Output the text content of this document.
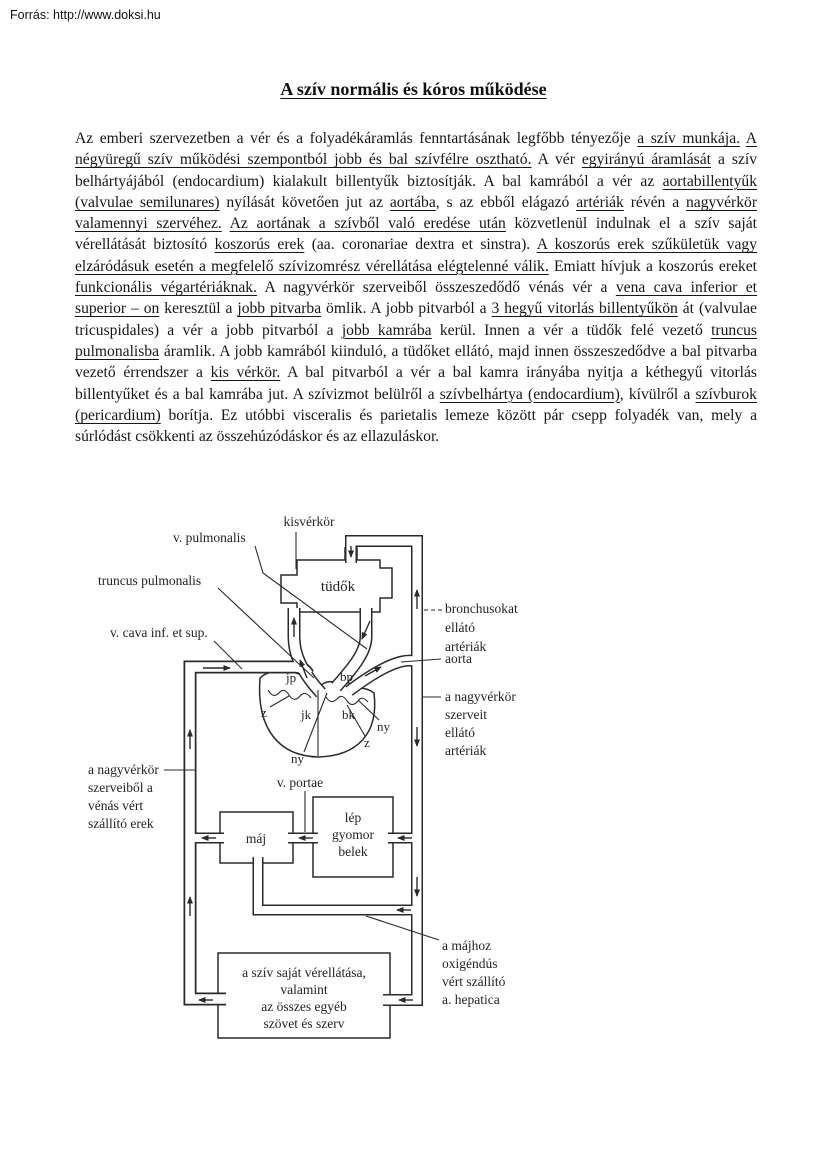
Forrás: http://www.doksi.hu
A szív normális és kóros működése
Az emberi szervezetben a vér és a folyadékáramlás fenntartásának legfőbb tényezője a szív munkája. A négyüregű szív működési szempontból jobb és bal szívfélre osztható. A vér egyirányú áramlását a szív belhártyájából (endocardium) kialakult billentyűk biztosítják. A bal kamrából a vér az aortabillentyűk (valvulae semilunares) nyílását követően jut az aortába, s az ebből elágazó artériák révén a nagyvérkör valamennyi szervéhez. Az aortának a szívből való eredése után közvetlenül indulnak el a szív saját vérellátását biztosító koszorús erek (aa. coronariae dextra et sinstra). A koszorús erek szűkületük vagy elzáródásuk esetén a megfelelő szívizomrész vérellátása elégtelenné válik. Emiatt hívjuk a koszorús ereket funkcionális végartériáknak. A nagyvérkör szerveiből összeszedődő vénás vér a vena cava inferior et superior – on keresztül a jobb pitvarba ömlik. A jobb pitvarból a 3 hegyű vitorlás billentyűkön át (valvulae tricuspidales) a vér a jobb pitvarból a jobb kamrába kerül. Innen a vér a tüdők felé vezető truncus pulmonalisba áramlik. A jobb kamrából kiinduló, a tüdőket ellátó, majd innen összeszedődve a bal pitvarba vezető érrendszer a kis vérkör. A bal pitvarból a vér a bal kamra irányába nyitja a kéthegyű vitorlás billentyűket és a bal kamrába jut. A szívizmot belülről a szívbelhártya (endocardium), kívülről a szívburok (pericardium) borítja. Ez utóbbi visceralis és parietalis lemeze között pár csepp folyadék van, mely a súrlódást csökkenti az összehúzódáskor és az ellazuláskor.
kisvérkör
v. pulmonalis
truncus pulmonalis
v. cava inf. et sup.
bronchusokat
ellátó
artériák
aorta
a nagyvérkör
szerveit
ellátó
artériák
a nagyvérkör
szerveiből a
vénás vért
szállító erek
a májhoz
oxigéndús
vért szállító
a. hepatica
v. portae
tüdők
máj
lép
gyomor
belek
a szív saját vérellátása,
valamint
az összes egyéb
szövet és szerv
jp	bp
jk bk
z
z
ny
ny
